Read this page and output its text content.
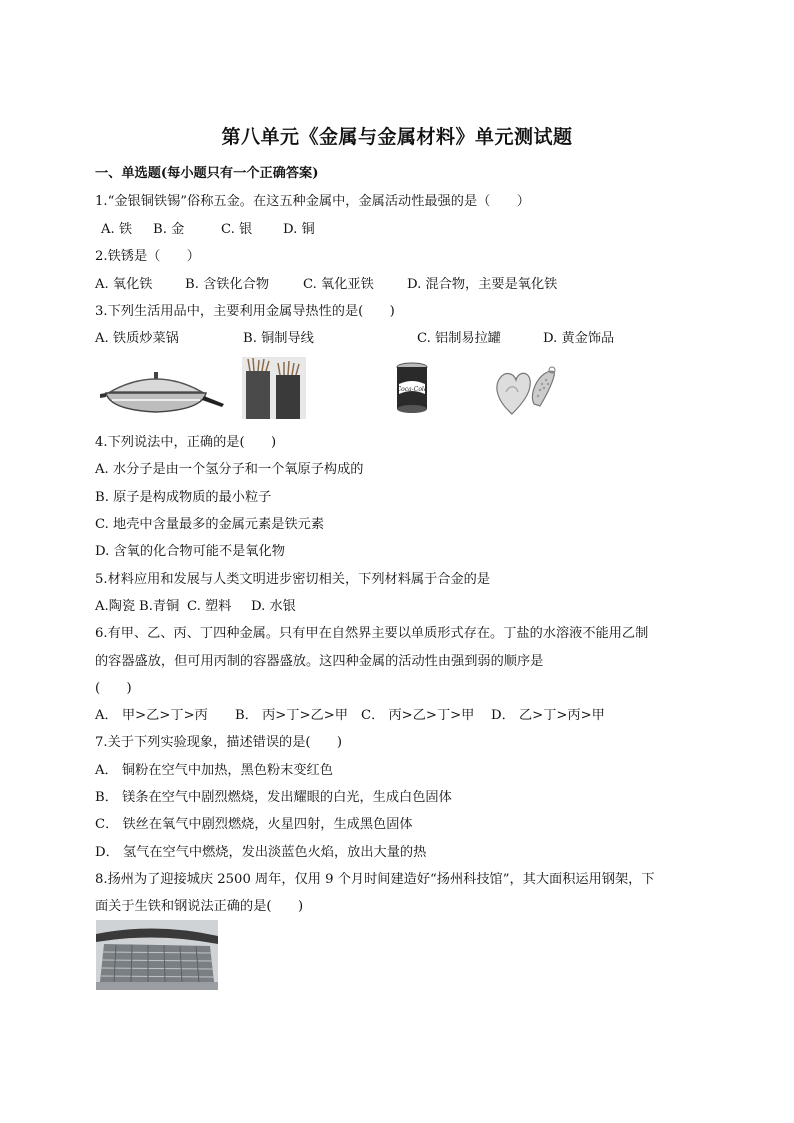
第八单元《金属与金属材料》单元测试题
一、单选题(每小题只有一个正确答案)
1.“金银铜铁锡”俗称五金。在这五种金属中，金属活动性最强的是（　　）
A. 铁 B. 金	C. 银 D. 铜
2.铁锈是（　　）
A. 氧化铁 B. 含铁化合物	C. 氧化亚铁	D. 混合物，主要是氧化铁
3.下列生活用品中，主要利用金属导热性的是(　　)
A. 铁质炒菜锅	B. 铜制导线	C. 铝制易拉罐	D. 黄金饰品
Coca-Cola
4.下列说法中，正确的是(　　)
A. 水分子是由一个氢分子和一个氧原子构成的
B. 原子是构成物质的最小粒子
C. 地壳中含量最多的金属元素是铁元素
D. 含氧的化合物可能不是氧化物
5.材料应用和发展与人类文明进步密切相关，下列材料属于合金的是
A.陶瓷 B.青铜 C. 塑料 D. 水银
6.有甲、乙、丙、丁四种金属。只有甲在自然界主要以单质形式存在。丁盐的水溶液不能用乙制
的容器盛放，但可用丙制的容器盛放。这四种金属的活动性由强到弱的顺序是
(　　)
A． 甲>乙>丁>丙 B． 丙>丁>乙>甲 C． 丙>乙>丁>甲 D． 乙>丁>丙>甲
7.关于下列实验现象，描述错误的是(　　)
A． 铜粉在空气中加热，黑色粉末变红色
B． 镁条在空气中剧烈燃烧，发出耀眼的白光，生成白色固体
C． 铁丝在氧气中剧烈燃烧，火星四射，生成黑色固体
D． 氢气在空气中燃烧，发出淡蓝色火焰，放出大量的热
8.扬州为了迎接城庆 2500 周年，仅用 9 个月时间建造好“扬州科技馆”，其大面积运用钢架，下
面关于生铁和钢说法正确的是(　　)
